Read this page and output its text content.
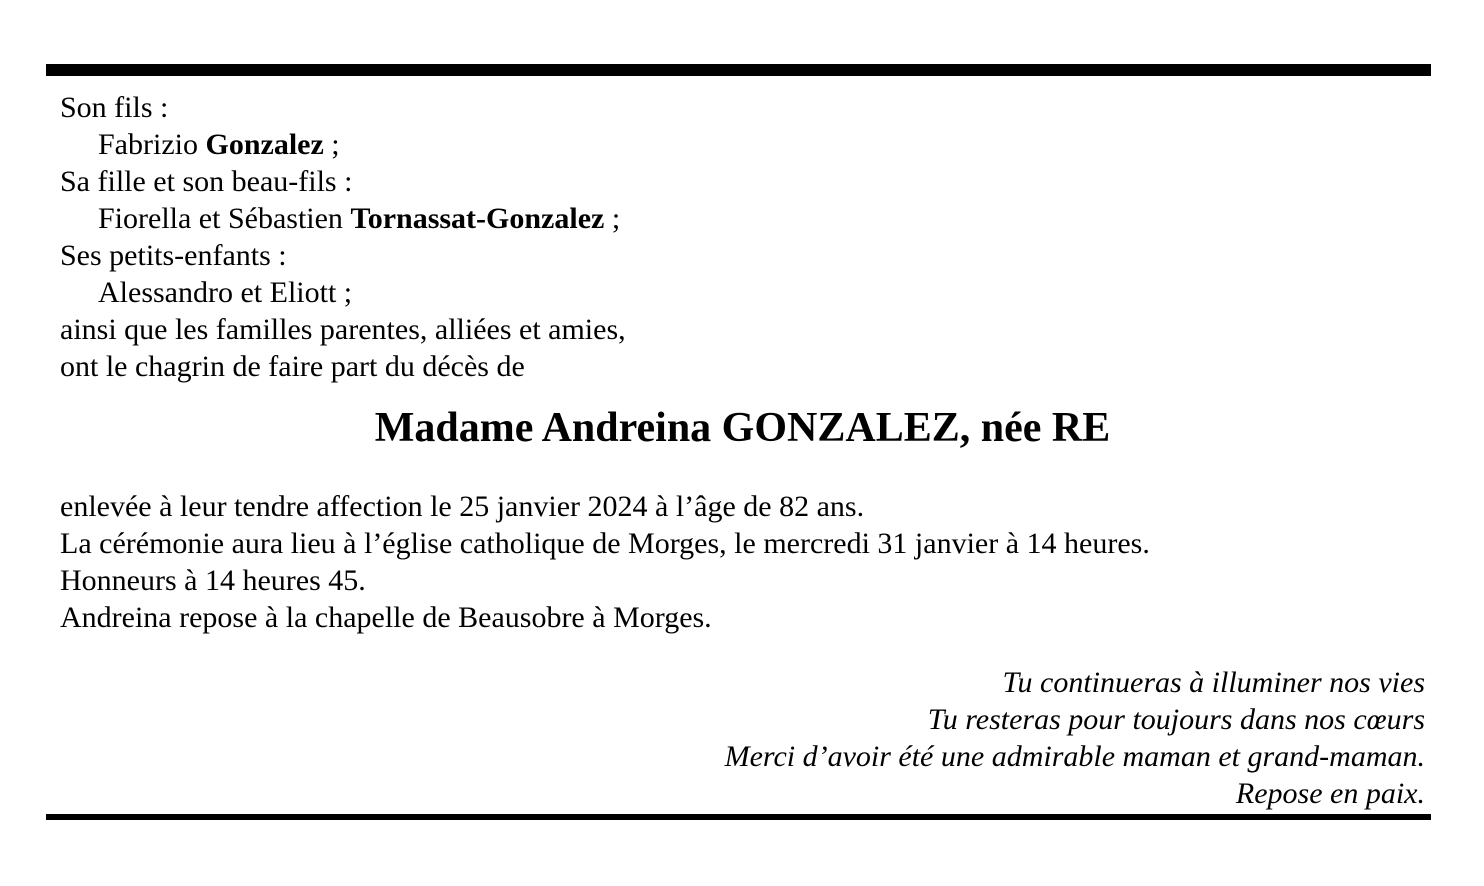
Son fils :
Fabrizio Gonzalez ;
Sa fille et son beau-fils :
Fiorella et Sébastien Tornassat-Gonzalez ;
Ses petits-enfants :
Alessandro et Eliott ;
ainsi que les familles parentes, alliées et amies,
ont le chagrin de faire part du décès de
Madame Andreina GONZALEZ, née RE
enlevée à leur tendre affection le 25 janvier 2024 à l’âge de 82 ans.
La cérémonie aura lieu à l’église catholique de Morges, le mercredi 31 janvier à 14 heures.
Honneurs à 14 heures 45.
Andreina repose à la chapelle de Beausobre à Morges.
Tu continueras à illuminer nos vies
Tu resteras pour toujours dans nos cœurs
Merci d’avoir été une admirable maman et grand-maman.
Repose en paix.
